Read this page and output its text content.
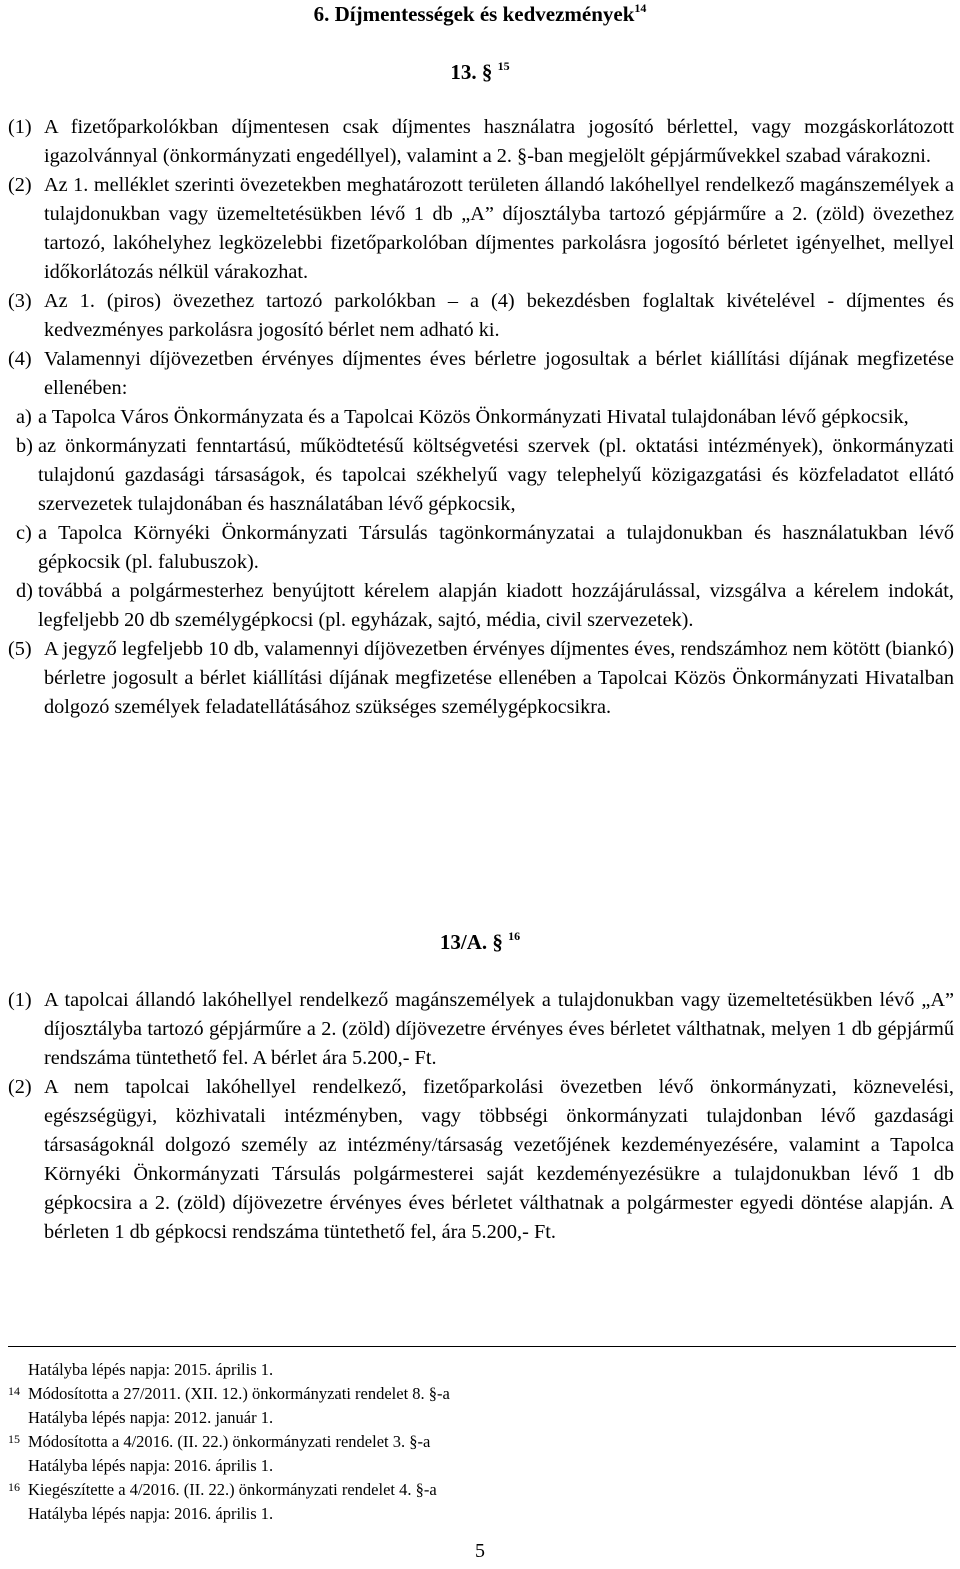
6. Díjmentességek és kedvezmények$^{14}$
13. § $^{15}$
(1) A fizetőparkolókban díjmentesen csak díjmentes használatra jogosító bérlettel, vagy mozgáskorlátozott igazolvánnyal (önkormányzati engedéllyel), valamint a 2. §-ban megjelölt gépjárművekkel szabad várakozni.
(2) Az 1. melléklet szerinti övezetekben meghatározott területen állandó lakóhellyel rendelkező magánszemélyek a tulajdonukban vagy üzemeltetésükben lévő 1 db „A” díjosztályba tartozó gépjárműre a 2. (zöld) övezethez tartozó, lakóhelyhez legközelebbi fizetőparkolóban díjmentes parkolásra jogosító bérletet igényelhet, mellyel időkorlátozás nélkül várakozhat.
(3) Az 1. (piros) övezethez tartozó parkolókban – a (4) bekezdésben foglaltak kivételével - díjmentes és kedvezményes parkolásra jogosító bérlet nem adható ki.
(4) Valamennyi díjövezetben érvényes díjmentes éves bérletre jogosultak a bérlet kiállítási díjának megfizetése ellenében:
a) a Tapolca Város Önkormányzata és a Tapolcai Közös Önkormányzati Hivatal tulajdonában lévő gépkocsik,
b) az önkormányzati fenntartású, működtetésű költségvetési szervek (pl. oktatási intézmények), önkormányzati tulajdonú gazdasági társaságok, és tapolcai székhelyű vagy telephelyű közigazgatási és közfeladatot ellátó szervezetek tulajdonában és használatában lévő gépkocsik,
c) a Tapolca Környéki Önkormányzati Társulás tagönkormányzatai a tulajdonukban és használatukban lévő gépkocsik (pl. falubuszok).
d) továbbá a polgármesterhez benyújtott kérelem alapján kiadott hozzájárulással, vizsgálva a kérelem indokát, legfeljebb 20 db személygépkocsi (pl. egyházak, sajtó, média, civil szervezetek).
(5) A jegyző legfeljebb 10 db, valamennyi díjövezetben érvényes díjmentes éves, rendszámhoz nem kötött (biankó) bérletre jogosult a bérlet kiállítási díjának megfizetése ellenében a Tapolcai Közös Önkormányzati Hivatalban dolgozó személyek feladatellátásához szükséges személygépkocsikra.
13/A. § $^{16}$
(1) A tapolcai állandó lakóhellyel rendelkező magánszemélyek a tulajdonukban vagy üzemeltetésükben lévő „A” díjosztályba tartozó gépjárműre a 2. (zöld) díjövezetre érvényes éves bérletet válthatnak, melyen 1 db gépjármű rendszáma tüntethető fel. A bérlet ára 5.200,- Ft.
(2) A nem tapolcai lakóhellyel rendelkező, fizetőparkolási övezetben lévő önkormányzati, köznevelési, egészségügyi, közhivatali intézményben, vagy többségi önkormányzati tulajdonban lévő gazdasági társaságoknál dolgozó személy az intézmény/társaság vezetőjének kezdeményezésére, valamint a Tapolca Környéki Önkormányzati Társulás polgármesterei saját kezdeményezésükre a tulajdonukban lévő 1 db gépkocsira a 2. (zöld) díjövezetre érvényes éves bérletet válthatnak a polgármester egyedi döntése alapján. A bérleten 1 db gépkocsi rendszáma tüntethető fel, ára 5.200,- Ft.
Hatályba lépés napja: 2015. április 1.
14 Módosította a 27/2011. (XII. 12.) önkormányzati rendelet 8. §-a
Hatályba lépés napja: 2012. január 1.
15 Módosította a 4/2016. (II. 22.) önkormányzati rendelet 3. §-a
Hatályba lépés napja: 2016. április 1.
16 Kiegészítette a 4/2016. (II. 22.) önkormányzati rendelet 4. §-a
Hatályba lépés napja: 2016. április 1.
5
